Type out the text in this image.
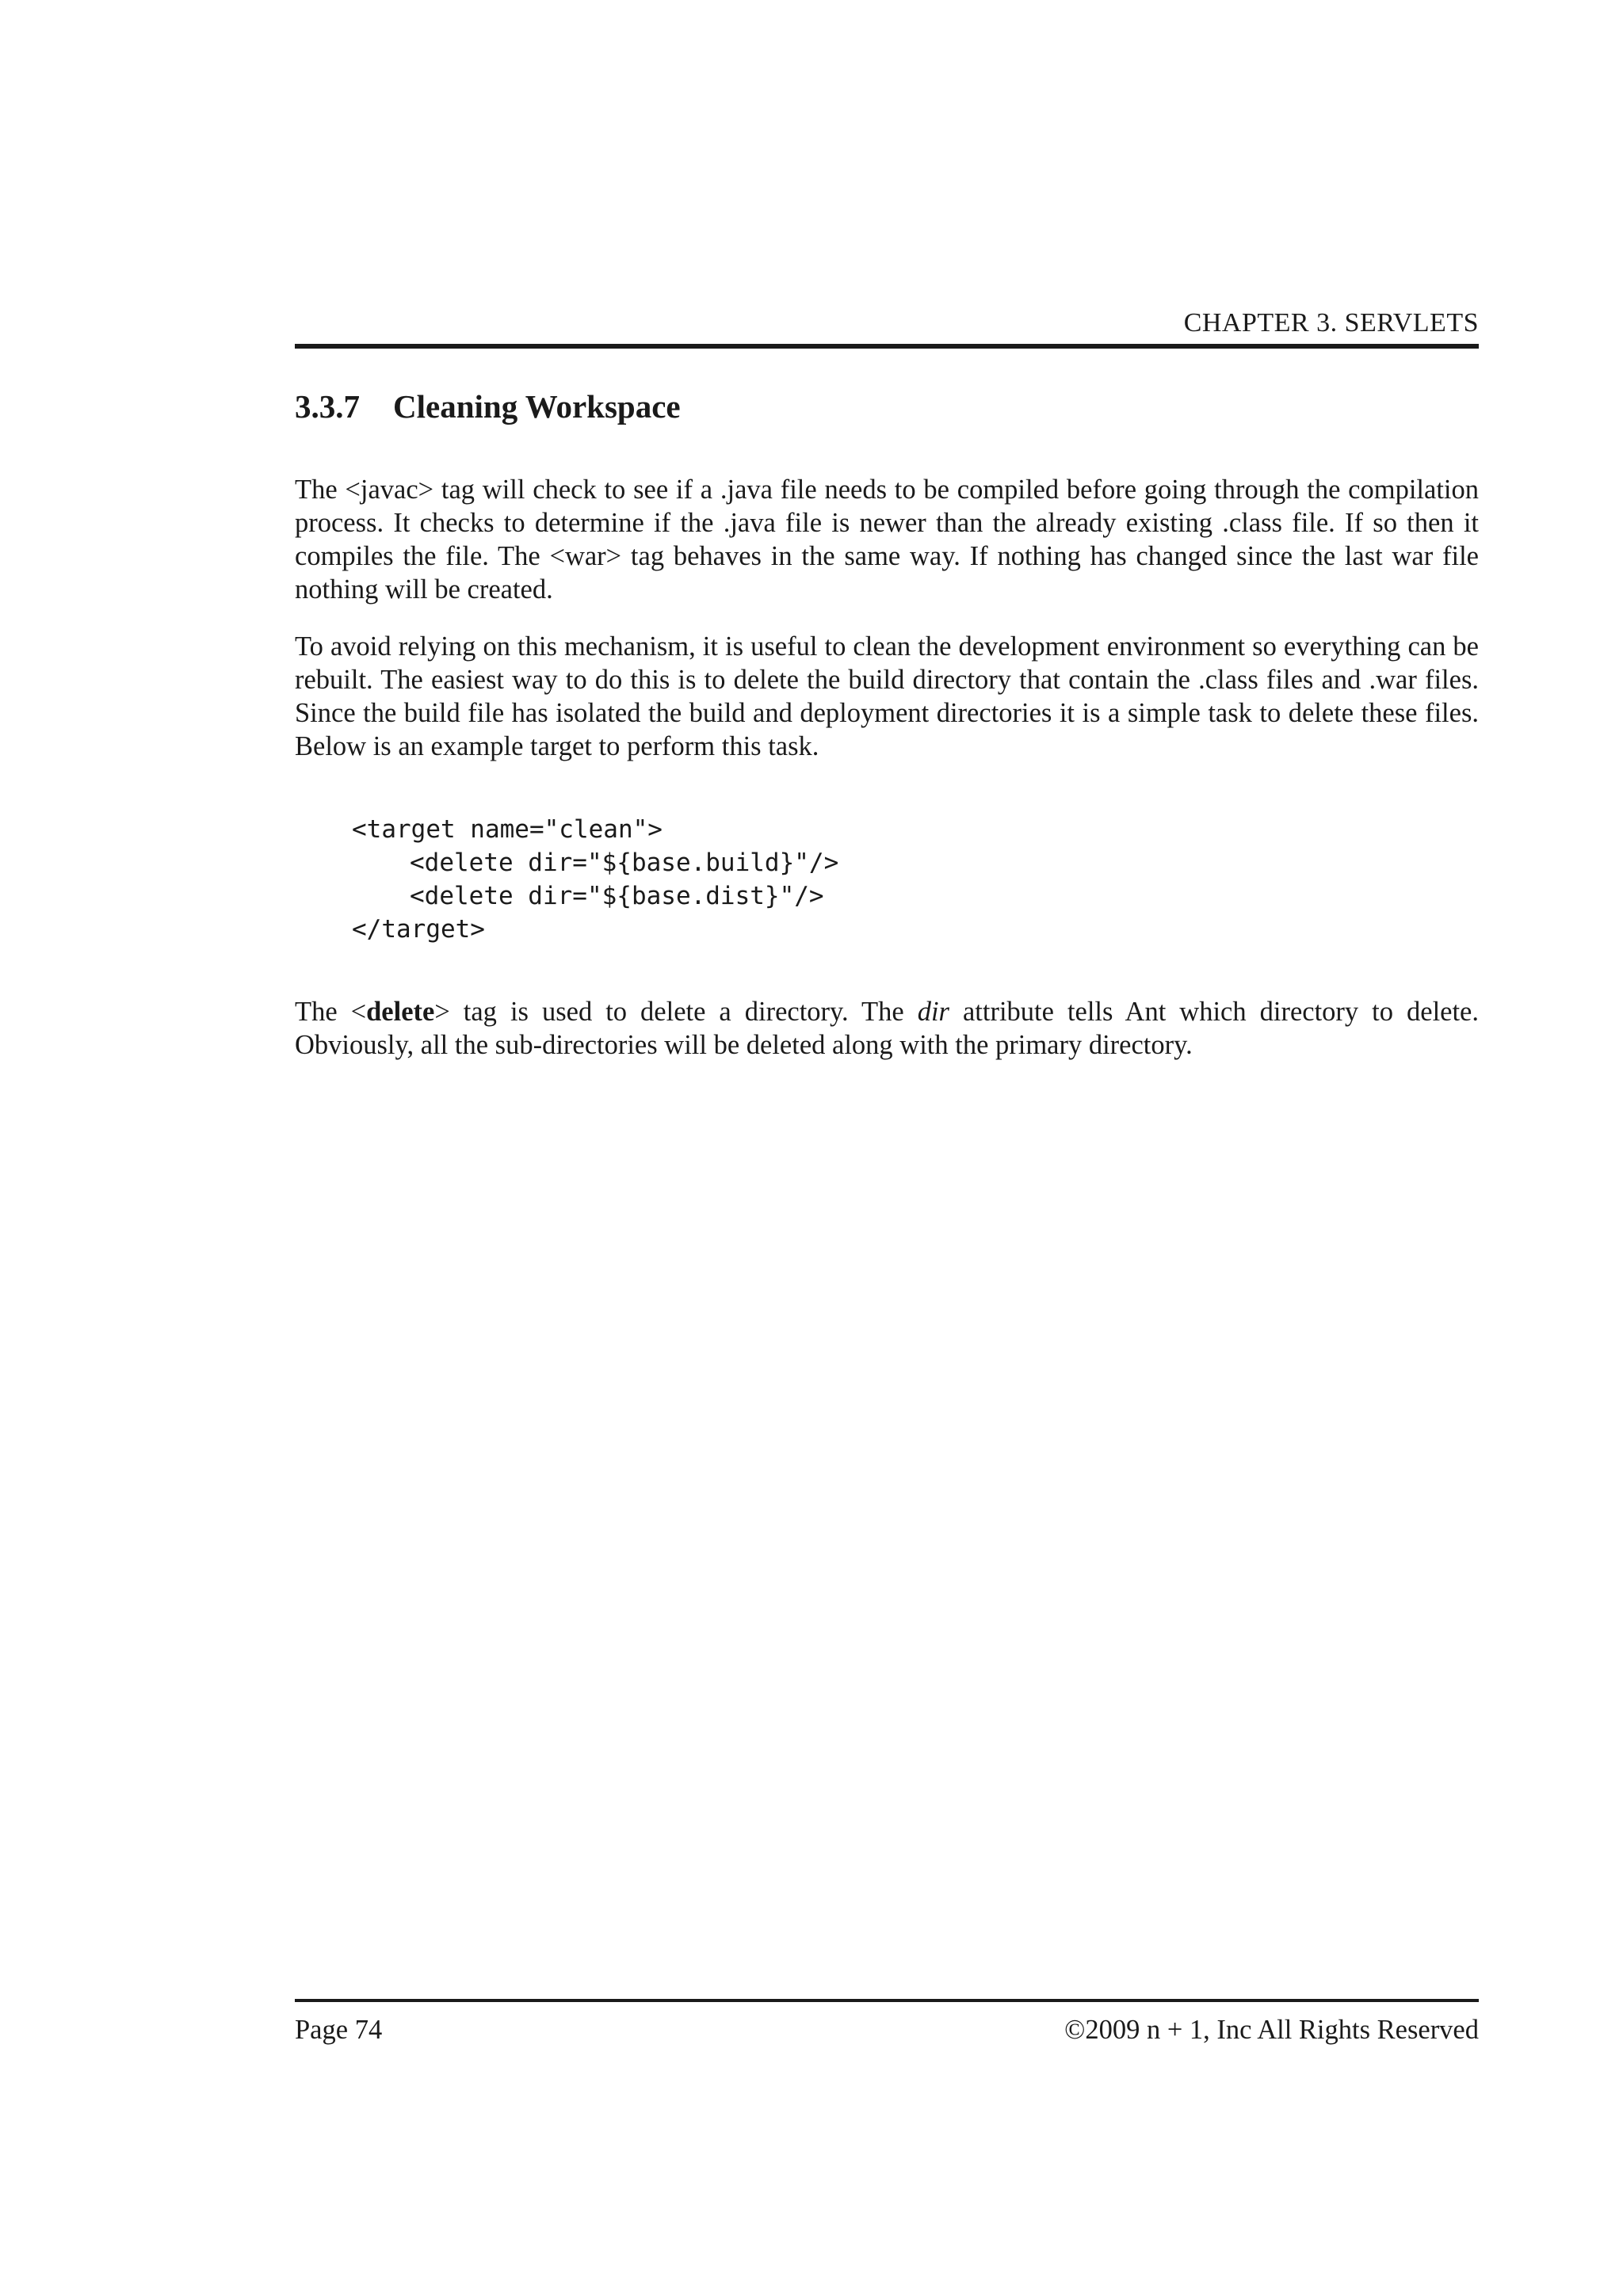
CHAPTER 3. SERVLETS
3.3.7 Cleaning Workspace

The <javac> tag will check to see if a .java file needs to be compiled before going through the compilation process. It checks to determine if the .java file is newer than the already existing .class file. If so then it compiles the file. The <war> tag behaves in the same way. If nothing has changed since the last war file nothing will be created.

To avoid relying on this mechanism, it is useful to clean the development environment so everything can be rebuilt. The easiest way to do this is to delete the build directory that contain the .class files and .war files. Since the build file has isolated the build and deployment directories it is a simple task to delete these files. Below is an example target to perform this task.

<target name="clean">
<delete dir="${base.build}"/>
<delete dir="${base.dist}"/>
</target>

The <delete> tag is used to delete a directory. The dir attribute tells Ant which directory to delete. Obviously, all the sub-directories will be deleted along with the primary directory.

Page 74	©2009 n + 1, Inc All Rights Reserved
